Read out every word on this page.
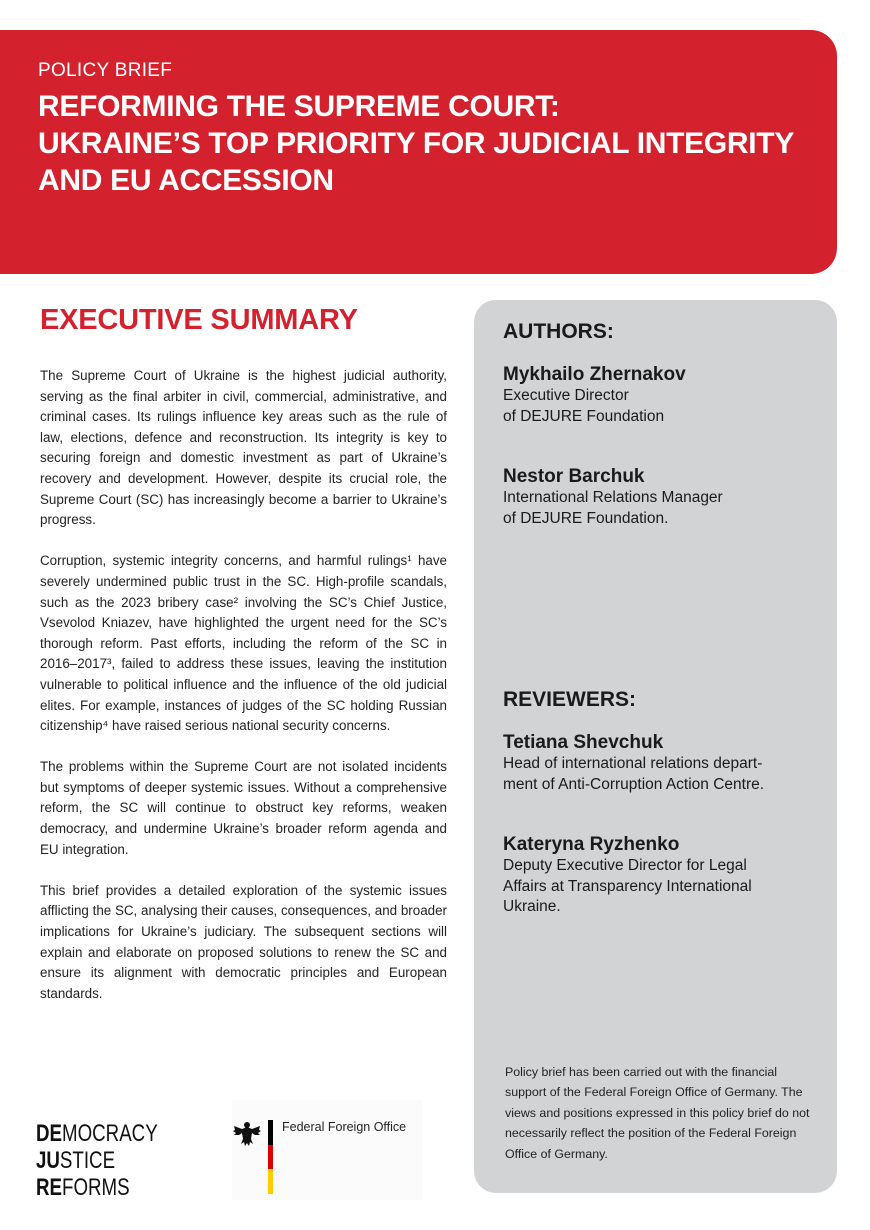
POLICY BRIEF
REFORMING THE SUPREME COURT:
UKRAINE’S TOP PRIORITY FOR JUDICIAL INTEGRITY
AND EU ACCESSION
EXECUTIVE SUMMARY

The Supreme Court of Ukraine is the highest judicial authority, serving as the final arbiter in civil, commercial, administrative, and criminal cases. Its rulings influence key areas such as the rule of law, elections, defence and reconstruction. Its integrity is key to securing foreign and domestic investment as part of Ukraine’s recovery and development. However, despite its crucial role, the Supreme Court (SC) has increasingly become a barrier to Ukraine’s progress.

Corruption, systemic integrity concerns, and harmful rulings¹ have severely undermined public trust in the SC. High-profile scandals, such as the 2023 bribery case² involving the SC’s Chief Justice, Vsevolod Kniazev, have highlighted the urgent need for the SC’s thorough reform. Past efforts, including the reform of the SC in 2016–2017³, failed to address these issues, leaving the institution vulnerable to political influence and the influence of the old judicial elites. For example, instances of judges of the SC holding Russian citizenship⁴ have raised serious national security concerns.

The problems within the Supreme Court are not isolated incidents but symptoms of deeper systemic issues. Without a comprehensive reform, the SC will continue to obstruct key reforms, weaken democracy, and undermine Ukraine’s broader reform agenda and EU integration.

This brief provides a detailed exploration of the systemic issues afflicting the SC, analysing their causes, consequences, and broader implications for Ukraine’s judiciary. The subsequent sections will explain and elaborate on proposed solutions to renew the SC and ensure its alignment with democratic principles and European standards.

AUTHORS:
Mykhailo Zhernakov
Executive Director
of DEJURE Foundation
Nestor Barchuk
International Relations Manager
of DEJURE Foundation.
REVIEWERS:
Tetiana Shevchuk
Head of international relations depart-
ment of Anti-Corruption Action Centre.
Kateryna Ryzhenko
Deputy Executive Director for Legal
Affairs at Transparency International
Ukraine.
Policy brief has been carried out with the financial support of the Federal Foreign Office of Germany. The views and positions expressed in this policy brief do not necessarily reflect the position of the Federal Foreign Office of Germany.
DEMOCRACY
JUSTICE
REFORMS
Federal Foreign Office
